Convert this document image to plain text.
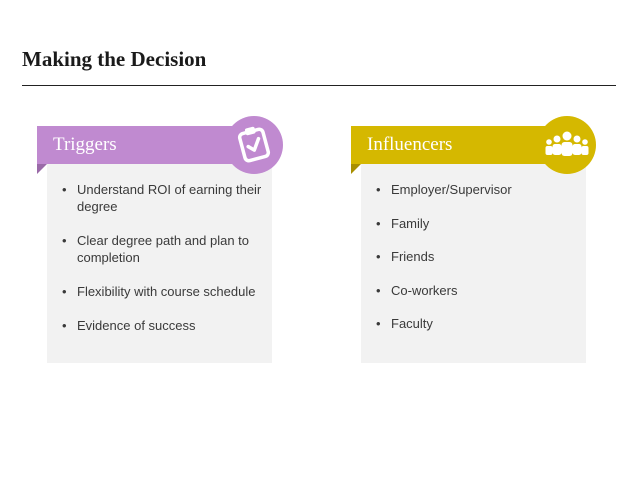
Making the Decision
Triggers
• Understand ROI of earning their degree
• Clear degree path and plan to completion
• Flexibility with course schedule
• Evidence of success
Influencers
• Employer/Supervisor
• Family
• Friends
• Co-workers
• Faculty
